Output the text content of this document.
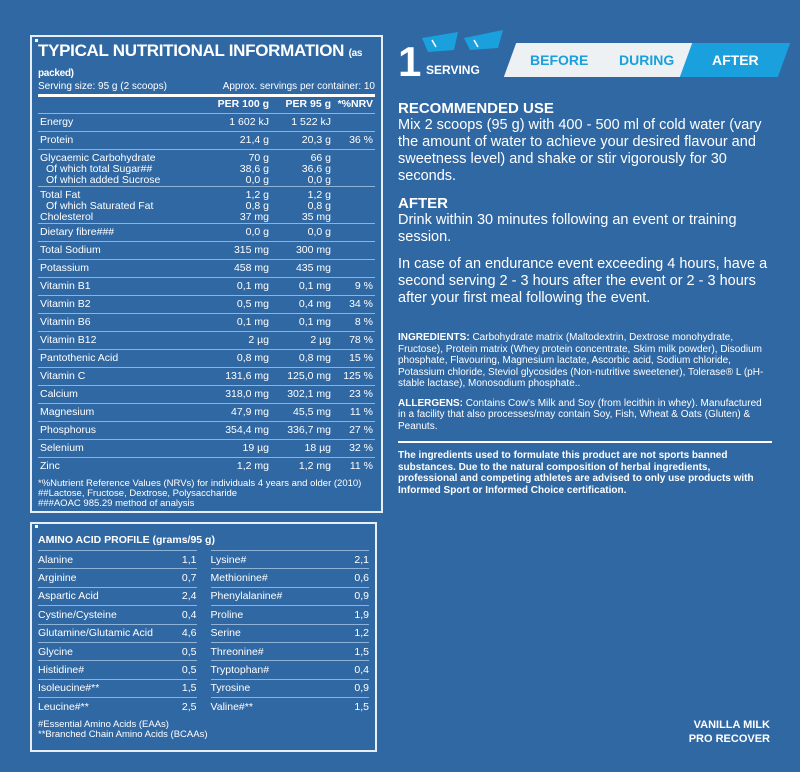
TYPICAL NUTRITIONAL INFORMATION (as packed)
Serving size: 95 g (2 scoops)	Approx. servings per container: 10
	PER 100 g	PER 95 g	*%NRV
Energy	1 602 kJ	1 522 kJ	
Protein	21,4 g	20,3 g	36 %
Glycaemic Carbohydrate	70 g	66 g	
Of which total Sugar##	38,6 g	36,6 g	
Of which added Sucrose	0,0 g	0,0 g	
Total Fat	1,2 g	1,2 g	
Of which Saturated Fat	0,8 g	0,8 g	
Cholesterol	37 mg	35 mg	
Dietary fibre###	0,0 g	0,0 g	
Total Sodium	315 mg	300 mg	
Potassium	458 mg	435 mg	
Vitamin B1	0,1 mg	0,1 mg	9 %
Vitamin B2	0,5 mg	0,4 mg	34 %
Vitamin B6	0,1 mg	0,1 mg	8 %
Vitamin B12	2 µg	2 µg	78 %
Pantothenic Acid	0,8 mg	0,8 mg	15 %
Vitamin C	131,6 mg	125,0 mg	125 %
Calcium	318,0 mg	302,1 mg	23 %
Magnesium	47,9 mg	45,5 mg	11 %
Phosphorus	354,4 mg	336,7 mg	27 %
Selenium	19 µg	18 µg	32 %
Zinc	1,2 mg	1,2 mg	11 %
*%Nutrient Reference Values (NRVs) for individuals 4 years and older (2010)
##Lactose, Fructose, Dextrose, Polysaccharide
###AOAC 985.29 method of analysis
AMINO ACID PROFILE (grams/95 g)
Alanine	1,1
Arginine	0,7
Aspartic Acid	2,4
Cystine/Cysteine	0,4
Glutamine/Glutamic Acid	4,6
Glycine	0,5
Histidine#	0,5
Isoleucine#**	1,5
Leucine#**	2,5
Lysine#	2,1
Methionine#	0,6
Phenylalanine#	0,9
Proline	1,9
Serine	1,2
Threonine#	1,5
Tryptophan#	0,4
Tyrosine	0,9
Valine#**	1,5
#Essential Amino Acids (EAAs)
**Branched Chain Amino Acids (BCAAs)
1 SERVING
BEFORE DURING	AFTER
RECOMMENDED USE

Mix 2 scoops (95 g) with 400 - 500 ml of cold water (vary the amount of water to achieve your desired flavour and sweetness level) and shake or stir vigorously for 30 seconds.

AFTER

Drink within 30 minutes following an event or training session.

In case of an endurance event exceeding 4 hours, have a second serving 2 - 3 hours after the event or 2 - 3 hours after your first meal following the event.

INGREDIENTS: Carbohydrate matrix (Maltodextrin, Dextrose monohydrate, Fructose), Protein matrix (Whey protein concentrate, Skim milk powder), Disodium phosphate, Flavouring, Magnesium lactate, Ascorbic acid, Sodium chloride, Potassium chloride, Steviol glycosides (Non-nutritive sweetener), Tolerase® L (pH-stable lactase), Monosodium phosphate..

ALLERGENS: Contains Cow's Milk and Soy (from lecithin in whey). Manufactured in a facility that also processes/may contain Soy, Fish, Wheat & Oats (Gluten) & Peanuts.

The ingredients used to formulate this product are not sports banned substances. Due to the natural composition of herbal ingredients, professional and competing athletes are advised to only use products with Informed Sport or Informed Choice certification.

VANILLA MILK
PRO RECOVER
